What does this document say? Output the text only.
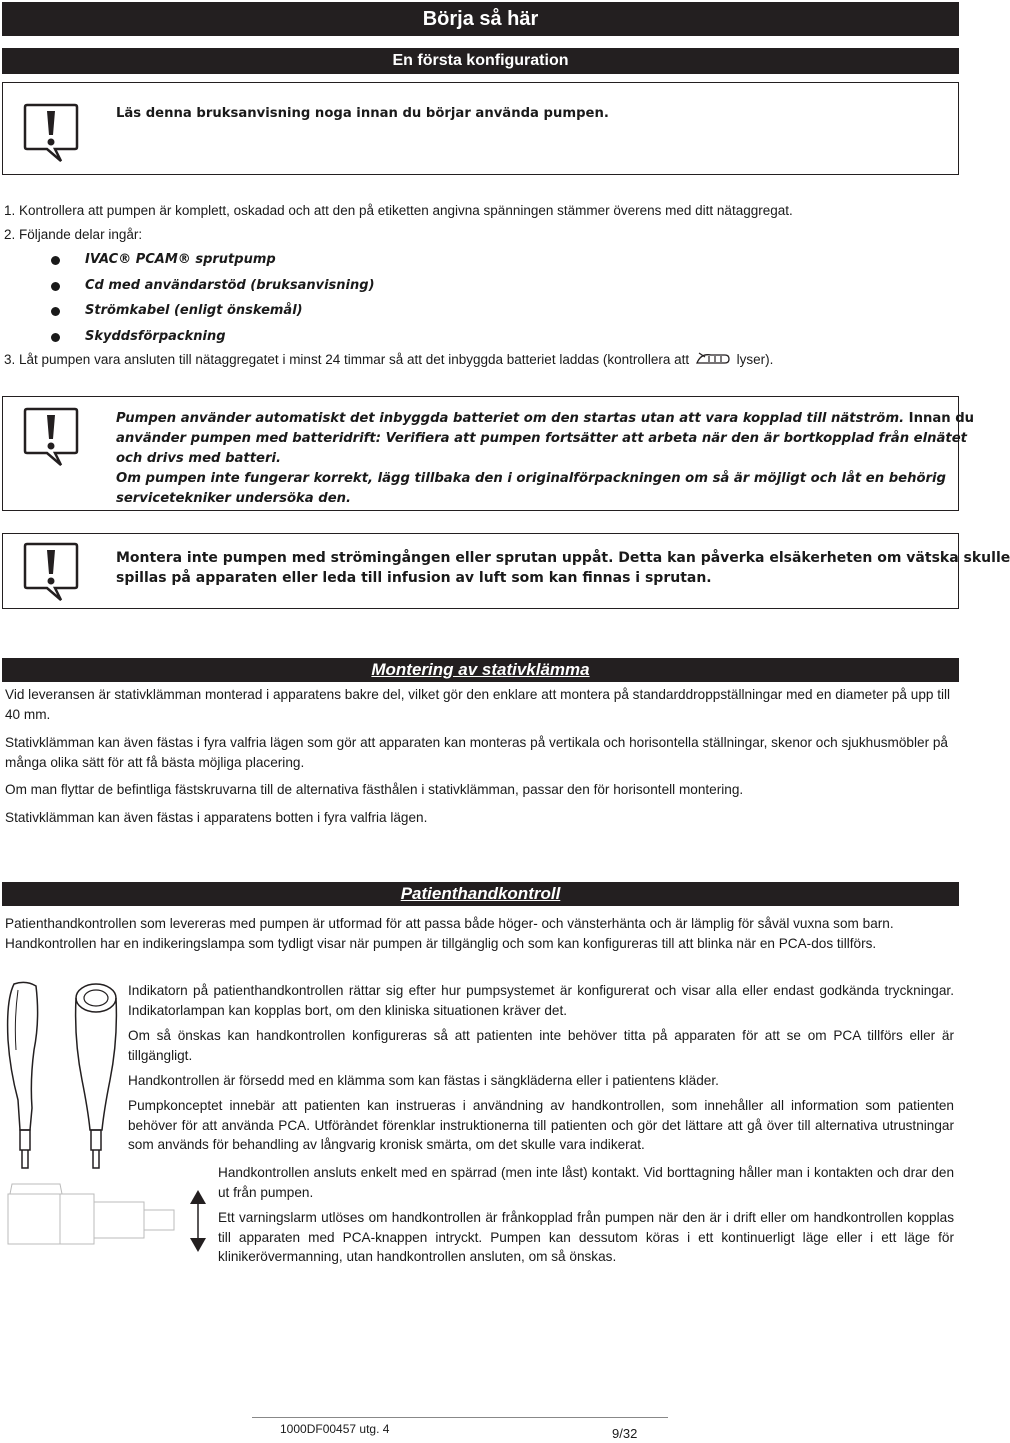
Börja så här
En första konfiguration
Läs denna bruksanvisning noga innan du börjar använda pumpen.
1. Kontrollera att pumpen är komplett, oskadad och att den på etiketten angivna spänningen stämmer överens med ditt nätaggregat.
2. Följande delar ingår:
IVAC® PCAM® sprutpump
Cd med användarstöd (bruksanvisning)
Strömkabel (enligt önskemål)
Skyddsförpackning
3. Låt pumpen vara ansluten till nätaggregatet i minst 24 timmar så att det inbyggda batteriet laddas (kontrollera att	lyser).
Pumpen använder automatiskt det inbyggda batteriet om den startas utan att vara kopplad till nätström. Innan du
använder pumpen med batteridrift: Verifiera att pumpen fortsätter att arbeta när den är bortkopplad från elnätet
och drivs med batteri.
Om pumpen inte fungerar korrekt, lägg tillbaka den i originalförpackningen om så är möjligt och låt en behörig
servicetekniker undersöka den.
Montera inte pumpen med strömingången eller sprutan uppåt. Detta kan påverka elsäkerheten om vätska skulle
spillas på apparaten eller leda till infusion av luft som kan finnas i sprutan.
Montering av stativklämma
Vid leveransen är stativklämman monterad i apparatens bakre del, vilket gör den enklare att montera på standarddroppställningar med en diameter på upp till 40 mm.
Stativklämman kan även fästas i fyra valfria lägen som gör att apparaten kan monteras på vertikala och horisontella ställningar, skenor och sjukhusmöbler på många olika sätt för att få bästa möjliga placering.
Om man flyttar de befintliga fästskruvarna till de alternativa fästhålen i stativklämman, passar den för horisontell montering.
Stativklämman kan även fästas i apparatens botten i fyra valfria lägen.
Patienthandkontroll
Patienthandkontrollen som levereras med pumpen är utformad för att passa både höger- och vänsterhänta och är lämplig för såväl vuxna som barn. Handkontrollen har en indikeringslampa som tydligt visar när pumpen är tillgänglig och som kan konfigureras till att blinka när en PCA-dos tillförs.
Indikatorn på patienthandkontrollen rättar sig efter hur pumpsystemet är konfigurerat och visar alla eller endast godkända tryckningar. Indikatorlampan kan kopplas bort, om den kliniska situationen kräver det.
Om så önskas kan handkontrollen konfigureras så att patienten inte behöver titta på apparaten för att se om PCA tillförs eller är tillgängligt.
Handkontrollen är försedd med en klämma som kan fästas i sängkläderna eller i patientens kläder.
Pumpkonceptet innebär att patienten kan instrueras i användning av handkontrollen, som innehåller all information som patienten behöver för att använda PCA. Utföràndet förenklar instruktionerna till patienten och gör det lättare att gå över till alternativa utrustningar som används för behandling av långvarig kronisk smärta, om det skulle vara indikerat.
Handkontrollen ansluts enkelt med en spärrad (men inte låst) kontakt. Vid borttagning håller man i kontakten och drar den ut från pumpen.
Ett varningslarm utlöses om handkontrollen är frånkopplad från pumpen när den är i drift eller om handkontrollen kopplas till apparaten med PCA-knappen intryckt. Pumpen kan dessutom köras i ett kontinuerligt läge eller i ett läge för klinikerövermanning, utan handkontrollen ansluten, om så önskas.
1000DF00457 utg. 4	9/32
